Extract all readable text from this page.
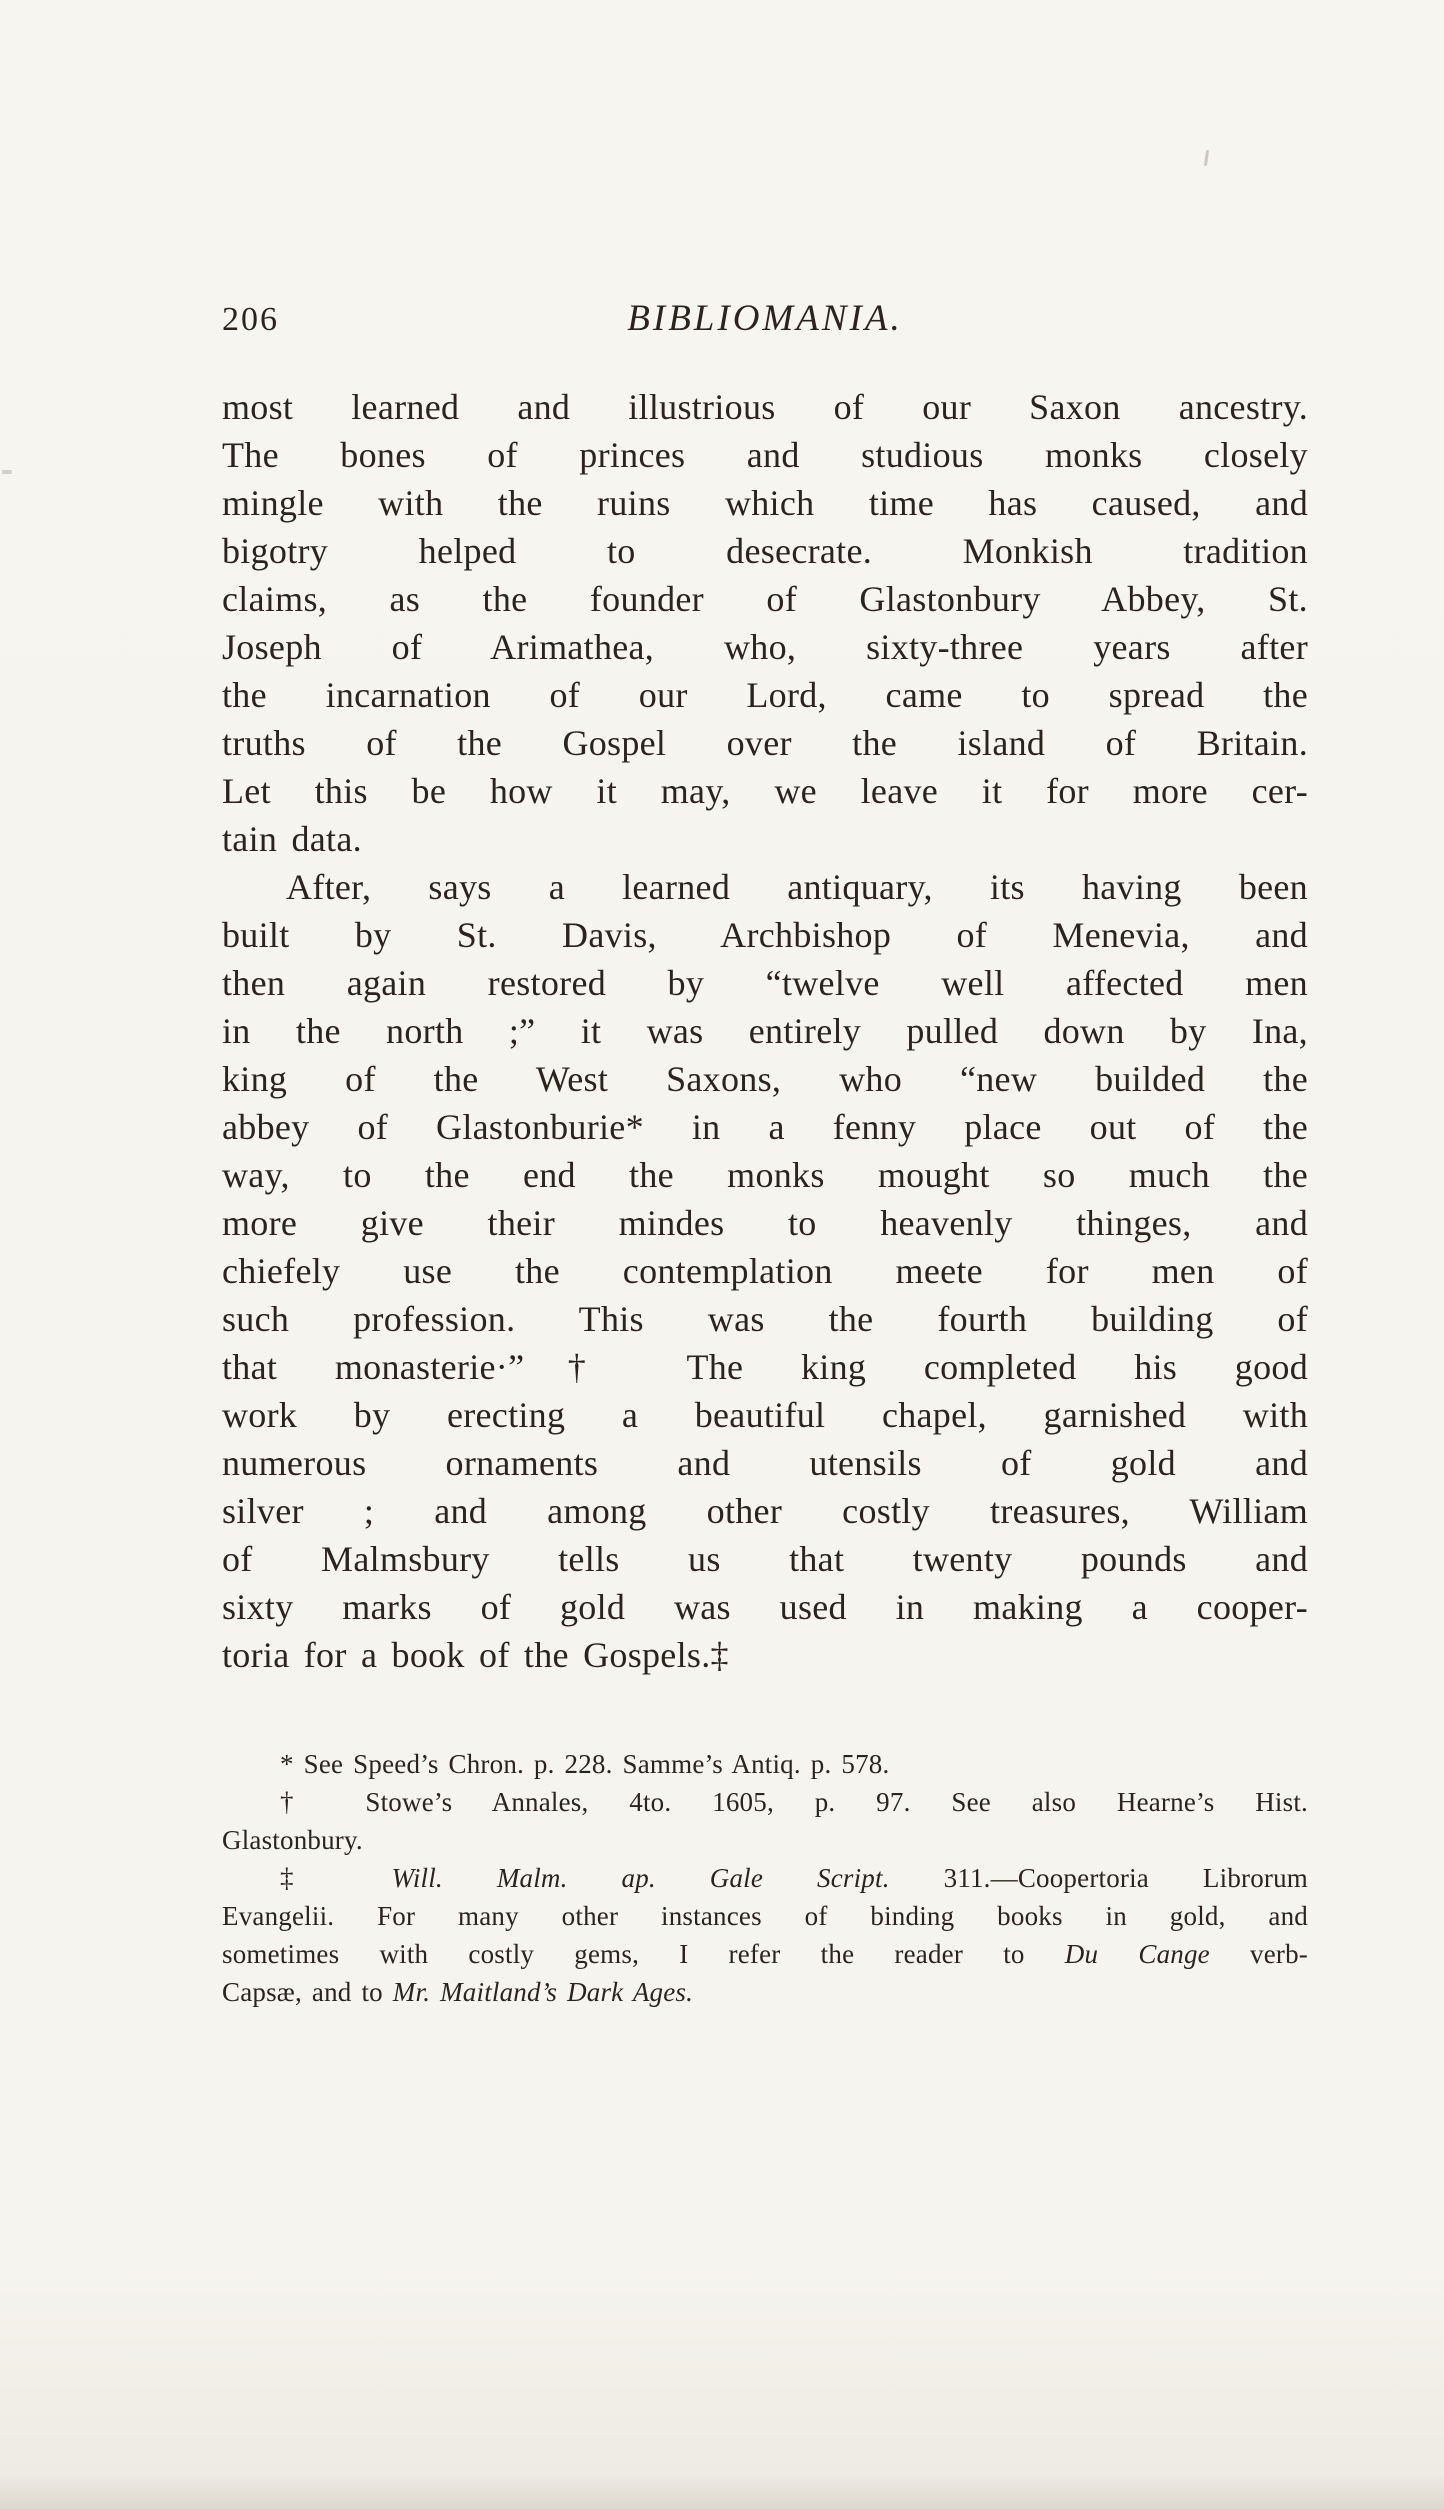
206	BIBLIOMANIA.
most learned and illustrious of our Saxon ancestry.
The bones of princes and studious monks closely
mingle with the ruins which time has caused, and
bigotry helped to desecrate. Monkish tradition
claims, as the founder of Glastonbury Abbey, St.
Joseph of Arimathea, who, sixty-three years after
the incarnation of our Lord, came to spread the
truths of the Gospel over the island of Britain.
Let this be how it may, we leave it for more cer-
tain data.
After, says a learned antiquary, its having been
built by St. Davis, Archbishop of Menevia, and
then again restored by “twelve well affected men
in the north ;” it was entirely pulled down by Ina,
king of the West Saxons, who “new builded the
abbey of Glastonburie* in a fenny place out of the
way, to the end the monks mought so much the
more give their mindes to heavenly thinges, and
chiefely use the contemplation meete for men of
such profession. This was the fourth building of
that monasterie·”† The king completed his good
work by erecting a beautiful chapel, garnished with
numerous ornaments and utensils of gold and
silver ; and among other costly treasures, William
of Malmsbury tells us that twenty pounds and
sixty marks of gold was used in making a cooper-
toria for a book of the Gospels.‡
* See Speed’s Chron. p. 228. Samme’s Antiq. p. 578.
† Stowe’s Annales, 4to. 1605, p. 97. See also Hearne’s Hist.
Glastonbury.
‡ Will. Malm. ap. Gale Script. 311.—Coopertoria Librorum
Evangelii. For many other instances of binding books in gold, and
sometimes with costly gems, I refer the reader to Du Cange verb-
Capsæ, and to Mr. Maitland’s Dark Ages.
